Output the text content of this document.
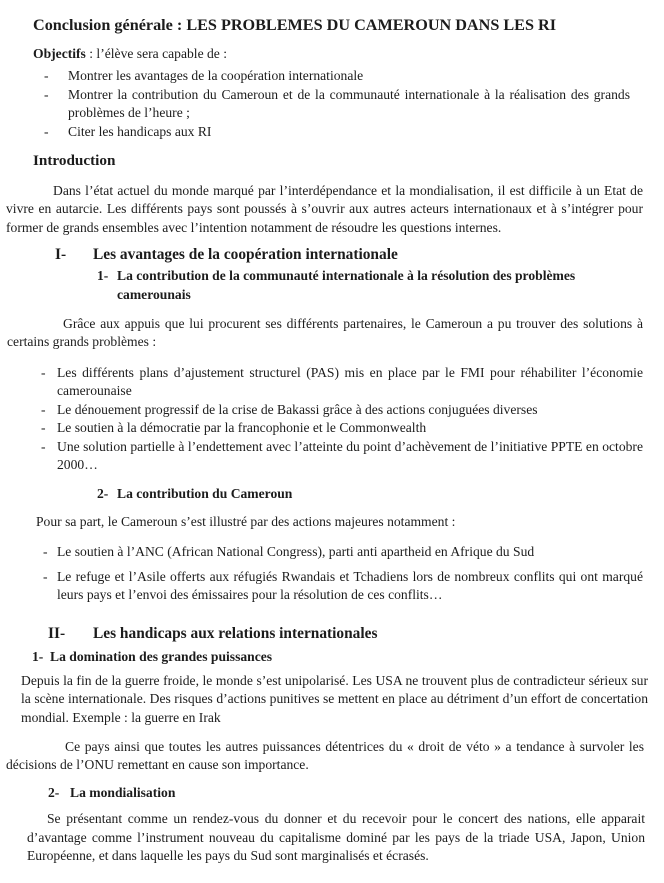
Conclusion générale : LES PROBLEMES DU CAMEROUN DANS LES RI

Objectifs : l’élève sera capable de :

-	Montrer les avantages de la coopération internationale
-	Montrer la contribution du Cameroun et de la communauté internationale à la réalisation des grands problèmes de l’heure ;
-	Citer les handicaps aux RI
Introduction

Dans l’état actuel du monde marqué par l’interdépendance et la mondialisation, il est difficile à un Etat de vivre en autarcie. Les différents pays sont poussés à s’ouvrir aux autres acteurs internationaux et à s’intégrer pour former de grands ensembles avec l’intention notamment de résoudre les questions internes.

I-	Les avantages de la coopération internationale
1- La contribution de la communauté internationale à la résolution des problèmes camerounais

Grâce aux appuis que lui procurent ses différents partenaires, le Cameroun a pu trouver des solutions à certains grands problèmes :

- Les différents plans d’ajustement structurel (PAS) mis en place par le FMI pour réhabiliter l’économie camerounaise
- Le dénouement progressif de la crise de Bakassi grâce à des actions conjuguées diverses
- Le soutien à la démocratie par la francophonie et le Commonwealth
- Une solution partielle à l’endettement avec l’atteinte du point d’achèvement de l’initiative PPTE en octobre 2000…
2- La contribution du Cameroun

Pour sa part, le Cameroun s’est illustré par des actions majeures notamment :

- Le soutien à l’ANC (African National Congress), parti anti apartheid en Afrique du Sud
- Le refuge et l’Asile offerts aux réfugiés Rwandais et Tchadiens lors de nombreux conflits qui ont marqué leurs pays et l’envoi des émissaires pour la résolution de ces conflits…
II-	Les handicaps aux relations internationales
1- La domination des grandes puissances

Depuis la fin de la guerre froide, le monde s’est unipolarisé. Les USA ne trouvent plus de contradicteur sérieux sur la scène internationale. Des risques d’actions punitives se mettent en place au détriment d’un effort de concertation mondial. Exemple : la guerre en Irak

Ce pays ainsi que toutes les autres puissances détentrices du « droit de véto » a tendance à survoler les décisions de l’ONU remettant en cause son importance.

2- La mondialisation

Se présentant comme un rendez-vous du donner et du recevoir pour le concert des nations, elle apparait d’avantage comme l’instrument nouveau du capitalisme dominé par les pays de la triade USA, Japon, Union Européenne, et dans laquelle les pays du Sud sont marginalisés et écrasés.
